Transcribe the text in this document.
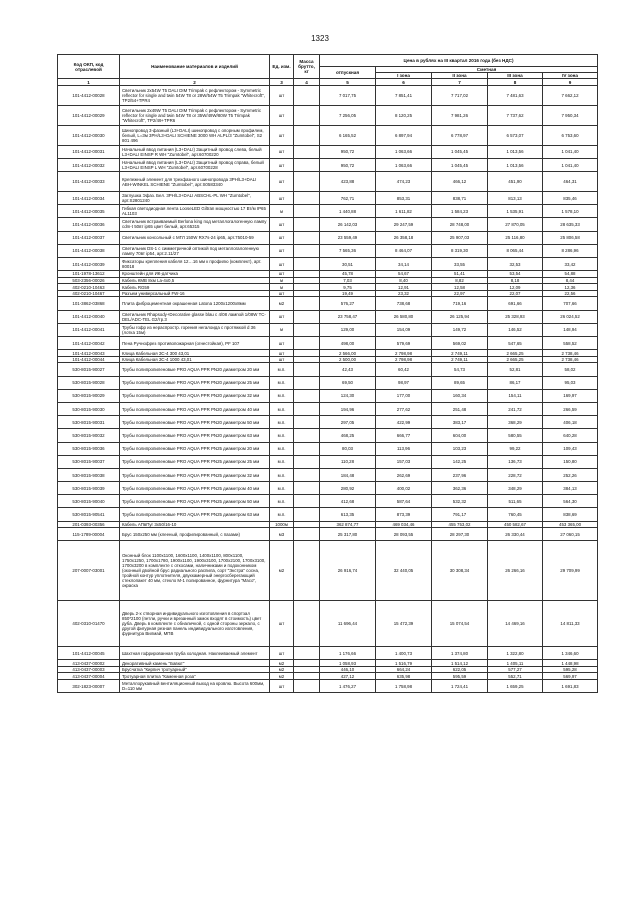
1323
Код ОКП, код отраслевой	Наименование материалов и изделий	Ед. изм.	Масса брутто, кг	Цена в рублях на III квартал 2016 года (без НДС)				
				отпускная	Сметная			
					I зона	II зона	III зона	IV зона
1	2	3	4	5	6	7	8	9
101-4412-00028	Светильник 2х54W T5 DALI DIM Trimpak с рефлектором - Symmetric reflector for single and twin 54W T8 or 28W/54W T5 Trimpak "Whitecroft", TP2/54+TPR4	шт		7 017,75	7 851,41	7 717,02	7 481,63	7 662,12
101-4412-00029	Светильник 2х49W T5 DALI DIM Trimpak с рефлектором - Symmetric reflector for single and twin 54W T8 or 35W/49W/80W T5 Trimpak "Whitecroft", TP2/49+TPR6	шт		7 256,05	8 120,25	7 981,26	7 737,62	7 950,34
101-4412-00030	Шинопровод 3-фазный (L3+DALI) шинопровод с опорным профилем, белый, L=3м 3PH/L3+DALI SCHIENE 3000 WH ALPL/3 "Zumtobel", S2 801 496	шт		6 165,52	6 897,94	6 778,97	6 573,07	6 753,60
101-4412-00031	Начальный ввод питания (L3+DALI) Защитный провод слева, белый L3+DALI EINSP R WH "Zumtobel", арт.60700220	шт		950,72	1 063,66	1 045,45	1 013,56	1 041,40
101-4412-00032	Начальный ввод питания (L3+DALI) Защитный провод справа, белый L3+DALI EINSP L WH "Zumtobel", арт.60700228	шт		950,72	1 063,66	1 045,45	1 013,56	1 041,40
101-4412-00033	Крепежный элемент для трехфазного шинопровода 3PH/L3+DALI ABH-WINKEL SCHIENE "Zumtobel", арт.S0583340	шт		423,88	474,23	466,12	451,90	464,31
101-4412-00034	Заглушка Эфаз. Бел. 3PH/L3+DALI ABSCHL-PL WH "Zumtobel", арт.S2801240	шт		762,71	853,31	838,71	813,13	835,46
101-4412-00035	Гибкая светодиодная лента LooseLED Giltran мощностью 17 Вт/м IP65 AL1103	м		1 440,88	1 611,82	1 584,23	1 535,91	1 578,10
101-4412-00036	Светильник встраиваемый Berlona king под металлогалогенную лампу cdm-t 50вт ip65 цвет белый, арт.65315	шт		26 142,03	29 247,59	28 748,00	27 870,05	28 635,33
101-4412-00037	Светильник консольный с МГЛ 150W RX7s-24 ip65, арт.75010-59	шт		23 559,49	26 358,18	25 907,03	25 116,80	25 806,58
101-4412-00038	Светильник DS-1 с симметричной оптикой под металлогалогенную лампу 70вт ip54, арт.2.11/27	шт		7 565,36	8 464,07	8 319,30	8 065,44	8 286,96
101-4412-00039	Фиксаторы крепления кабеля 12…16 мм к профилю (комплект), арт. 80018	шт		30,51	34,14	33,55	32,53	33,42
101-1978-13612	Кронштейн для ИК-датчика	шт		45,78	54,67	51,41	53,54	54,88
503-2356-00026	Кабель КМВ 8хм Lа-4х0,5	м		7,03	8,40	8,82	8,18	8,44
402-0210-10463	Кабель RG59	м		9,75	12,91	12,58	12,09	12,36
402-0210-10467	Разъем универсальный FW-16	шт		19,49	23,32	22,97	22,07	22,56
101-3862-03868	Плита фиброцементная окрашенная Latona 1200х1200х8мм	м2		576,27	738,68	719,16	691,66	707,66
101-4412-00040	Светильник Rhapsody+Decorative glasse blau с 4/08 лампой 1/08W TC-DEL/ADC-TEL G2/тр.3	шт		23 758,47	26 580,80	26 125,94	25 328,93	26 024,52
101-4412-00041	Трубы гофр из нераспростр. горения негалоида с протяжкой d 36 (лотка 15м)	м		129,00	154,09	149,72	146,52	148,94
101-4412-00042	Пена Ручнофрез противопожарная (огнестойкая), PF 107	шт		498,00	579,69	569,02	547,65	558,52
101-4412-00043	Клица Кабельная ЗС-4 300 43,01	шт		2 566,00	2 798,98	2 749,11	2 665,25	2 738,46
101-4412-00044	Клица Кабельная ЗС-4 1000 43,01	шт		2 500,00	2 798,98	2 749,11	2 665,25	2 738,46
530-8015-90027	Трубы полипропиленовые PRO AQUA PPR PN20 диаметром 20 мм	м.п.		42,43	60,42	54,73	52,81	58,02
530-8015-90028	Трубы полипропиленовые PRO AQUA PPR PN20 диаметром 25 мм	м.п.		69,50	98,97	89,65	86,17	95,03
530-8015-90029	Трубы полипропиленовые PRO AQUA PPR PN20 диаметром 32 мм	м.п.		124,30	177,00	160,34	154,11	169,97
530-8015-90030	Трубы полипропиленовые PRO AQUA PPR PN20 диаметром 40 мм	м.п.		194,96	277,62	251,48	241,72	266,59
530-8015-90031	Трубы полипропиленовые PRO AQUA PPR PN20 диаметром 50 мм	м.п.		297,05	422,99	383,17	368,29	406,18
530-8015-90032	Трубы полипропиленовые PRO AQUA PPR PN20 диаметром 63 мм	м.п.		468,25	666,77	604,00	580,55	640,28
530-8015-90036	Трубы полипропиленовые PRO AQUA PPR PN25 диаметром 20 мм	м.п.		80,03	113,96	103,23	99,22	109,43
530-8015-90037	Трубы полипропиленовые PRO AQUA PPR PN25 диаметром 25 мм	м.п.		110,28	157,03	142,25	136,73	150,80
530-8015-90038	Трубы полипропиленовые PRO AQUA PPR PN25 диаметром 32 мм	м.п.		184,48	262,69	237,96	228,72	252,26
530-8015-90039	Трубы полипропиленовые PRO AQUA PPR PN25 диаметром 40 мм	м.п.		280,92	400,02	362,36	348,29	384,13
530-8015-90040	Трубы полипропиленовые PRO AQUA PPR PN25 диаметром 50 мм	м.п.		412,68	587,64	532,32	511,65	564,30
530-8015-90541	Трубы полипропиленовые PRO AQUA PPR PN25 диаметром 63 мм	м.п.		613,35	873,39	791,17	760,45	838,69
201-0393-00356	Кабель АПвПуг 3х50/16-10	1000м		362 874,77	469 034,46	455 753,02	450 582,67	453 365,00
115-1789-00004	Брус 150х250 мм (клееный, профилированный, с пазами)	м3		25 317,80	28 093,55	28 297,30	26 330,44	27 060,15
207-0007-03001	Оконный блок 1100х1100, 1600х1100, 1400х1100, 800х1100, 1750х1250, 1700х1780, 1900х1100, 1900х3100, 1700х2100, 1700х3100, 1700х3200 в комплекте с откосами, наличниками и подоконником (оконный двойной брус радиального распила, сорт "Экстра" сосна, тройной контур уплотнителя, двухкамерный энергосберегающий стеклопакет 40 мм, стекло М-1 полированное, фурнитура "Масо", окраска	м2		26 916,74	32 440,05	30 308,34	26 266,16	29 709,99
402-0310-01470	Дверь 2-х створная индивидуального изготовления в спортзал 850*2100 (петли, ручки и врезанный замок входят в стоимость) цвет дуба. Дверь в комплекте с обналичкой, с одной стороны зеркало, с другой фигурная резная панель индивидуального изготовления, фурнитура Вилмай, МПВ	шт		11 696,44	15 472,39	15 074,54	14 469,16	14 811,33
101-4412-00045	Шахтная гофрированная труба холодная. Наклеиваемый элемент	шт		1 176,66	1 400,73	1 374,80	1 322,80	1 346,60
413-0437-00002	Декоративный камень "Бавют"	м2		1 058,93	1 516,79	1 514,12	1 405,11	1 448,98
413-0437-00003	Брусчатка "Кирпич тротуарный"	м2		446,10	664,24	622,05	577,27	595,28
413-0437-00004	Тротуарная плитка "Каменная роза"	м2		427,12	635,98	595,59	552,71	569,97
302-1823-00007	Металлорукавный вентиляционный выход на кровлю. Высота 600мм, D=110 мм	шт		1 476,27	1 758,98	1 724,41	1 659,25	1 691,83
